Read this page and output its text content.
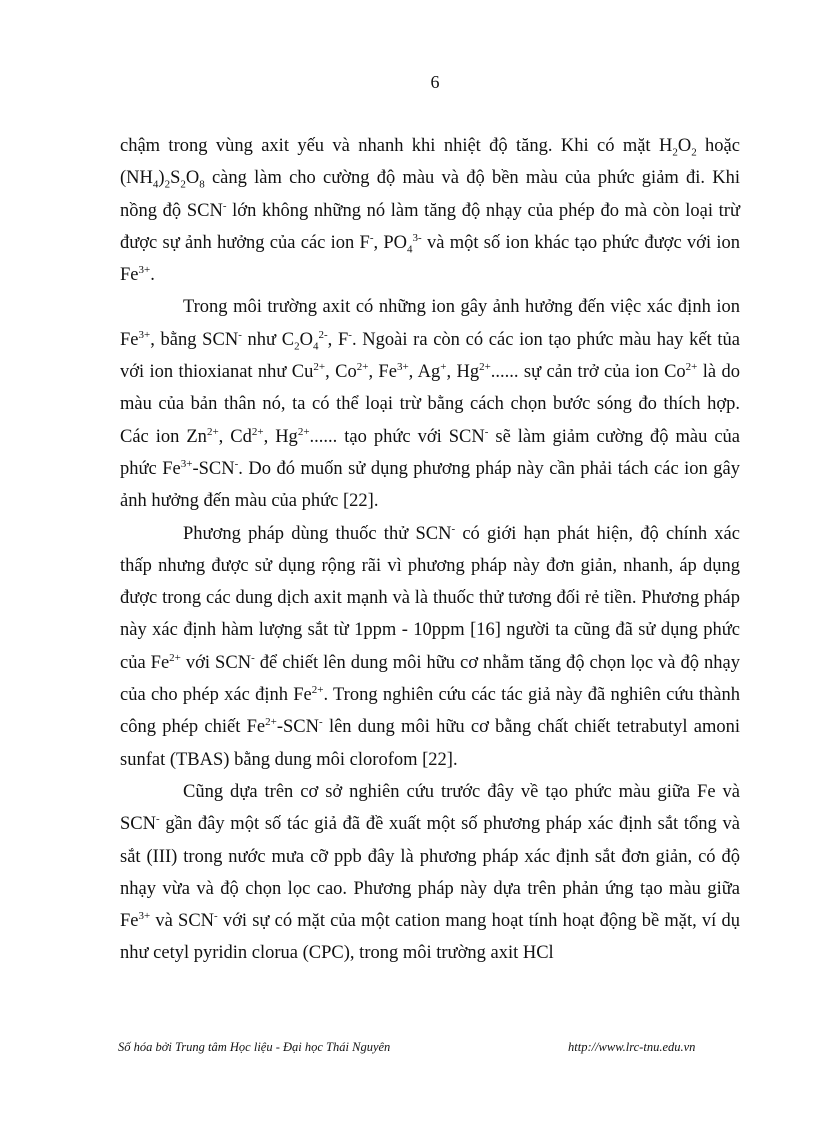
6

chậm trong vùng axit yếu và nhanh khi nhiệt độ tăng. Khi có mặt $H_2O_2$ hoặc $(NH_4)_2S_2O_8$ càng làm cho cường độ màu và độ bền màu của phức giảm đi. Khi nồng độ SCN- lớn không những nó làm tăng độ nhạy của phép đo mà còn loại trừ được sự ảnh hưởng của các ion F-, $PO_4^{3-}$ và một số ion khác tạo phức được với ion $Fe^{3+}$.

Trong môi trường axit có những ion gây ảnh hưởng đến việc xác định ion $Fe^{3+}$, bằng SCN- như $C_2O_4^{2-}$, F-. Ngoài ra còn có các ion tạo phức màu hay kết tủa với ion thioxianat như $Cu^{2+}$, $Co^{2+}$, $Fe^{3+}$, Ag+, $Hg^{2+}$...... sự cản trở của ion $Co^{2+}$ là do màu của bản thân nó, ta có thể loại trừ bằng cách chọn bước sóng đo thích hợp. Các ion $Zn^{2+}$, $Cd^{2+}$, $Hg^{2+}$...... tạo phức với SCN- sẽ làm giảm cường độ màu của phức $Fe^{3+}-SCN^-$. Do đó muốn sử dụng phương pháp này cần phải tách các ion gây ảnh hưởng đến màu của phức [22].

Phương pháp dùng thuốc thử SCN- có giới hạn phát hiện, độ chính xác thấp nhưng được sử dụng rộng rãi vì phương pháp này đơn giản, nhanh, áp dụng được trong các dung dịch axit mạnh và là thuốc thử tương đối rẻ tiền. Phương pháp này xác định hàm lượng sắt từ 1ppm - 10ppm [16] người ta cũng đã sử dụng phức của $Fe^{2+}$ với SCN- để chiết lên dung môi hữu cơ nhằm tăng độ chọn lọc và độ nhạy của cho phép xác định $Fe^{2+}$. Trong nghiên cứu các tác giả này đã nghiên cứu thành công phép chiết $Fe^{2+}-SCN^-$ lên dung môi hữu cơ bằng chất chiết tetrabutyl amoni sunfat (TBAS) bằng dung môi clorofom [22].

Cũng dựa trên cơ sở nghiên cứu trước đây về tạo phức màu giữa Fe và SCN- gần đây một số tác giả đã đề xuất một số phương pháp xác định sắt tổng và sắt (III) trong nước mưa cỡ ppb đây là phương pháp xác định sắt đơn giản, có độ nhạy vừa và độ chọn lọc cao. Phương pháp này dựa trên phản ứng tạo màu giữa $Fe^{3+}$ và SCN- với sự có mặt của một cation mang hoạt tính hoạt động bề mặt, ví dụ như cetyl pyridin clorua (CPC), trong môi trường axit HCl

Số hóa bởi Trung tâm Học liệu - Đại học Thái Nguyên	http://www.lrc-tnu.edu.vn
